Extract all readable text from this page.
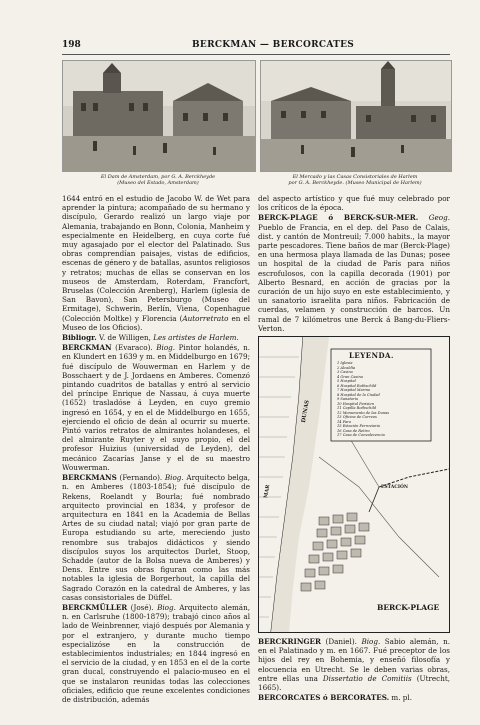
198	BERCKMAN — BERCORCATES
El Dam de Amsterdam, por G. A. Berckheyde
(Museo del Estado, Amsterdam)
El Mercado y las Casas Consistoriales de Harlem
por G. A. Berckheyde. (Museo Municipal de Harlem)

1644 entró en el estudio de Jacobo W. de Wet para aprender la pintura; acompañado de su hermano y discípulo, Gerardo realizó un largo viaje por Alemania, trabajando en Bonn, Colonia, Manheim y especialmente en Heidelberg, en cuya corte fué muy agasajado por el elector del Palatinado. Sus obras comprendían paisajes, vistas de edificios, escenas de género y de batallas, asuntos religiosos y retratos; muchas de ellas se conservan en los museos de Amsterdam, Roterdam, Francfort, Bruselas (Colección Arenberg), Harlem (iglesia de San Bavon), San Petersburgo (Museo del Ermitage), Schwerin, Berlín, Viena, Copenhague (Colección Moltke) y Florencia (Autorretrato en el Museo de los Oficios).

Bibliogr. V. de Willigen, Les artistes de Harlem.

BERCKMAN (Evaraco). Biog. Pintor holandés, n. en Klundert en 1639 y m. en Middelburgo en 1679; fué discípulo de Wouwerman en Harlem y de Bosschaert y de J. Jordaens en Amberes. Comenzó pintando cuadritos de batallas y entró al servicio del príncipe Enrique de Nassau, á cuya muerte (1652) trasladóse á Leyden, en cuyo gremio ingresó en 1654, y en el de Middelburgo en 1655, ejerciendo el oficio de deán al ocurrir su muerte. Pintó varios retratos de almirantes holandeses, el del almirante Ruyter y el suyo propio, el del profesor Huizius (universidad de Leyden), del mecánico Zacarías Janse y el de su maestro Wouwerman.

BERCKMANS (Fernando). Biog. Arquitecto belga, n. en Amberes (1803-1854); fué discípulo de Rekens, Roelandt y Bourla; fué nombrado arquitecto provincial en 1834, y profesor de arquitectura en 1841 en la Academia de Bellas Artes de su ciudad natal; viajó por gran parte de Europa estudiando su arte, mereciendo justo renombre sus trabajos didácticos y siendo discípulos suyos los arquitectos Durlet, Stoop, Schadde (autor de la Bolsa nueva de Amberes) y Dens. Entre sus obras figuran como las más notables la iglesia de Borgerhout, la capilla del Sagrado Corazón en la catedral de Amberes, y las casas consistoriales de Düffel.

BERCKMÜLLER (José). Biog. Arquitecto alemán, n. en Carlsruhe (1800-1879); trabajó cinco años al lado de Weinbrenner, viajó después por Alemania y por el extranjero, y durante mucho tiempo especializóse en la construcción de establecimientos industriales; en 1844 ingresó en el servicio de la ciudad, y en 1853 en el de la corte gran ducal, construyendo el palacio-museo en el que se instalaron reunidas todas las colecciones oficiales, edificio que reune excelentes condiciones de distribución, además

del aspecto artístico y que fué muy celebrado por los críticos de la época.

BERCK-PLAGE ó BERCK-SUR-MER. Geog. Pueblo de Francia, en el dep. del Paso de Calais, dist. y cantón de Montreuil; 7.000 habits., la mayor parte pescadores. Tiene baños de mar (Berck-Plage) en una hermosa playa llamada de las Dunas; posee un hospital de la ciudad de París para niños escrofulosos, con la capilla decorada (1901) por Alberto Besnard, en acción de gracias por la curación de un hijo suyo en este establecimiento, y un sanatorio israelita para niños. Fabricación de cuerdas, velamen y construcción de barcos. Un ramal de 7 kilómetros une Berck á Bang-du-Fliers-Verton.

LEYENDA.
1 Iglesia
2 Alcaldía
3 Casino
4 Gran Casino
5 Hospital
6 Hospital Rothschild
7 Hospital Marino
8 Hospital de la Ciudad
9 Sanatorio
10 Hospital Parisien
11 Capilla Rothschild
12 Monumento de las Dunas
13 Oficina de Correos
14 Faro
15 Estación Ferroviaria
16 Casa de Retiro
17 Casa de Convalecencia
DUNAS
MAR	ESTACIÓN
BERCK-PLAGE

BERCKRINGER (Daniel). Biog. Sabio alemán, n. en el Palatinado y m. en 1667. Fué preceptor de los hijos del rey en Bohemia, y enseñó filosofía y elocuencia en Utrecht. Se le deben varias obras, entre ellas una Dissertatio de Comitiis (Utrecht, 1665).

BERCORCATES ó BERCORATES. m. pl.
